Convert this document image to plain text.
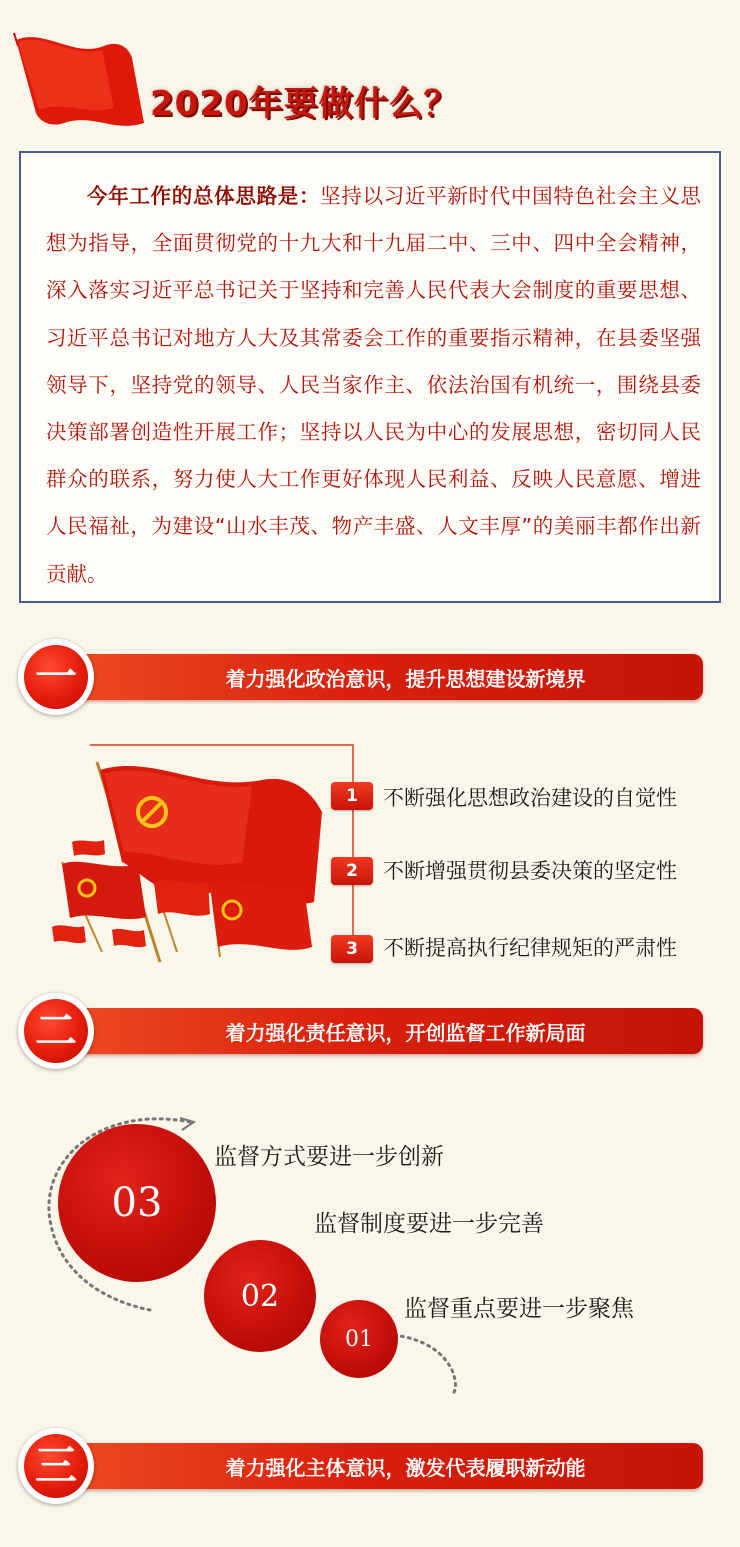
2020年要做什么？

今年工作的总体思路是：坚持以习近平新时代中国特色社会主义思想为指导，全面贯彻党的十九大和十九届二中、三中、四中全会精神，深入落实习近平总书记关于坚持和完善人民代表大会制度的重要思想、习近平总书记对地方人大及其常委会工作的重要指示精神，在县委坚强领导下，坚持党的领导、人民当家作主、依法治国有机统一，围绕县委决策部署创造性开展工作；坚持以人民为中心的发展思想，密切同人民群众的联系，努力使人大工作更好体现人民利益、反映人民意愿、增进人民福祉，为建设“山水丰茂、物产丰盛、人文丰厚”的美丽丰都作出新贡献。

着力强化政治意识，提升思想建设新境界
一
1	不断强化思想政治建设的自觉性
2	不断增强贯彻县委决策的坚定性
3	不断提高执行纪律规矩的严肃性
着力强化责任意识，开创监督工作新局面
二
03
02
01
监督方式要进一步创新
监督制度要进一步完善
监督重点要进一步聚焦
着力强化主体意识，激发代表履职新动能
三
